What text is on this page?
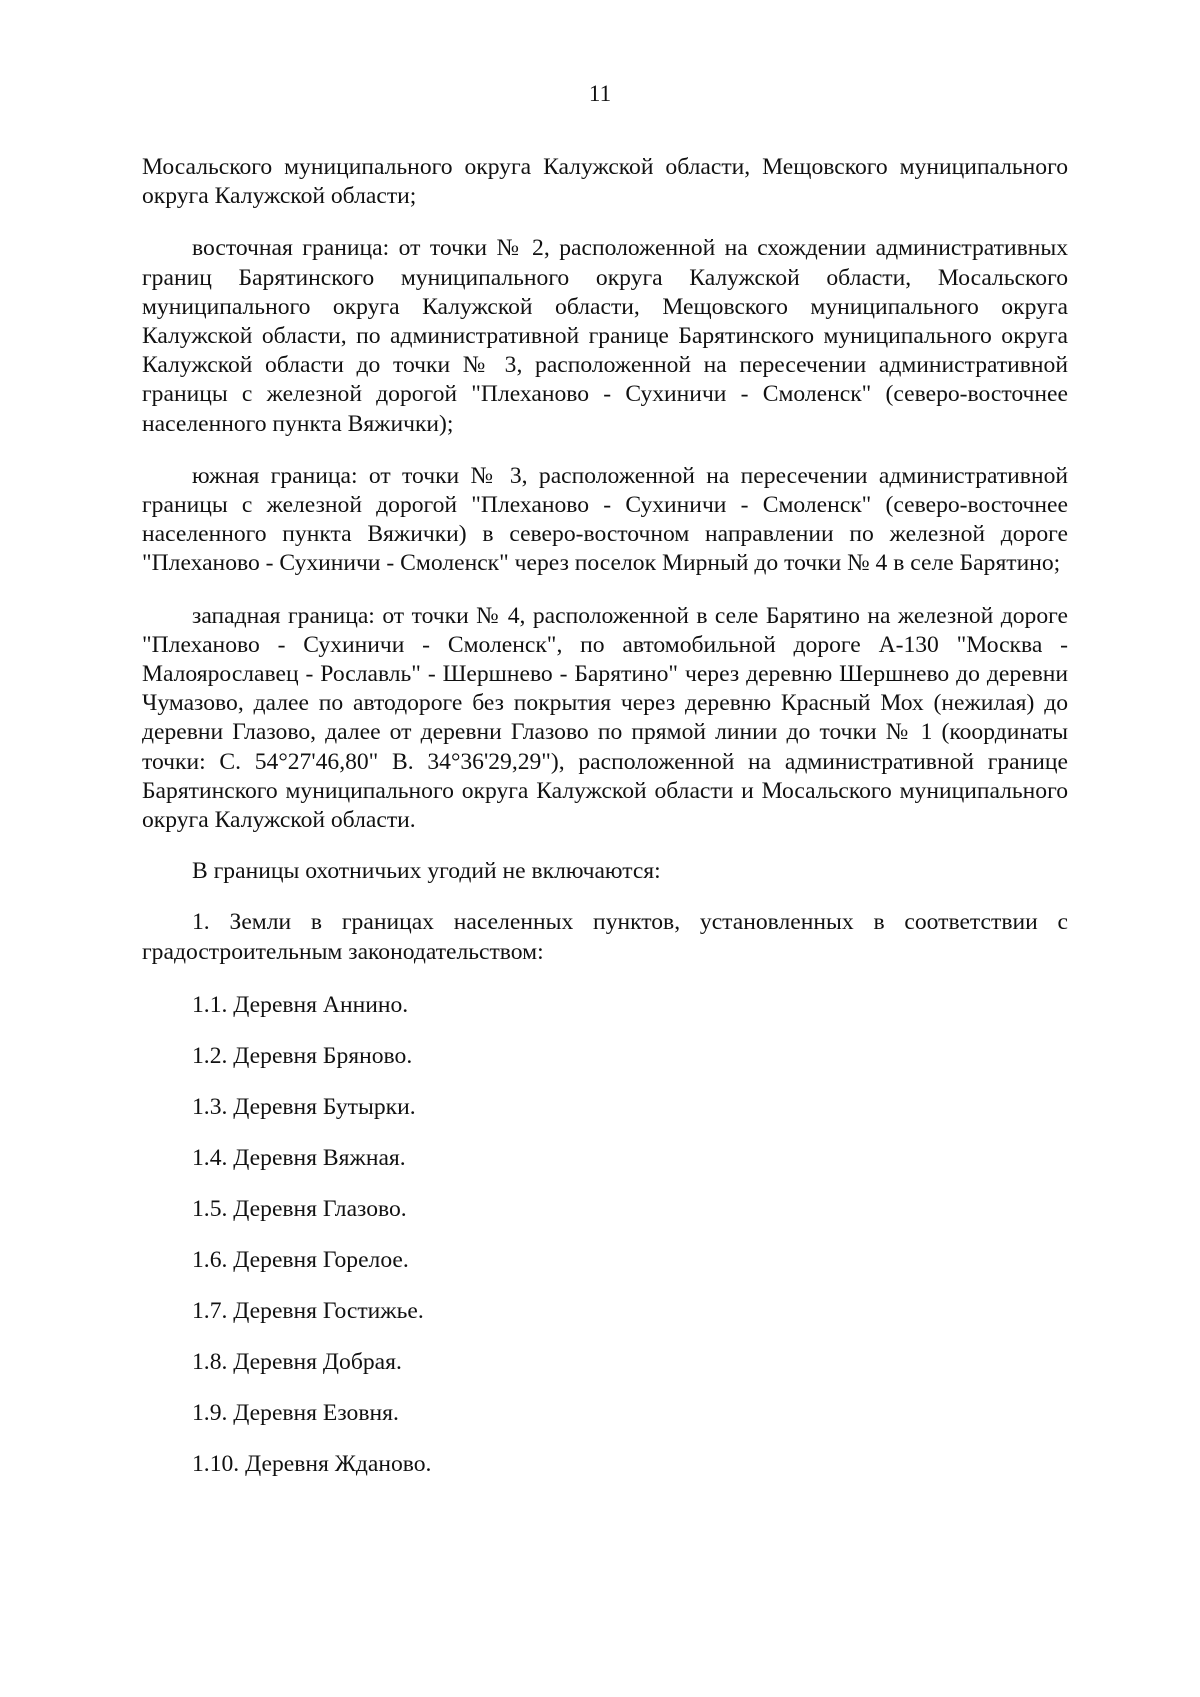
11

Мосальского муниципального округа Калужской области, Мещовского муниципального округа Калужской области;

восточная граница: от точки № 2, расположенной на схождении административных границ Барятинского муниципального округа Калужской области, Мосальского муниципального округа Калужской области, Мещовского муниципального округа Калужской области, по административной границе Барятинского муниципального округа Калужской области до точки № 3, расположенной на пересечении административной границы с железной дорогой "Плеханово - Сухиничи - Смоленск" (северо-восточнее населенного пункта Вяжички);

южная граница: от точки № 3, расположенной на пересечении административной границы с железной дорогой "Плеханово - Сухиничи - Смоленск" (северо-восточнее населенного пункта Вяжички) в северо-восточном направлении по железной дороге "Плеханово - Сухиничи - Смоленск" через поселок Мирный до точки № 4 в селе Барятино;

западная граница: от точки № 4, расположенной в селе Барятино на железной дороге "Плеханово - Сухиничи - Смоленск", по автомобильной дороге А-130 "Москва - Малоярославец - Рославль" - Шершнево - Барятино" через деревню Шершнево до деревни Чумазово, далее по автодороге без покрытия через деревню Красный Мох (нежилая) до деревни Глазово, далее от деревни Глазово по прямой линии до точки № 1 (координаты точки: С. 54°27'46,80" В. 34°36'29,29"), расположенной на административной границе Барятинского муниципального округа Калужской области и Мосальского муниципального округа Калужской области.

В границы охотничьих угодий не включаются:

1. Земли в границах населенных пунктов, установленных в соответствии с градостроительным законодательством:

1.1. Деревня Аннино.
1.2. Деревня Бряново.
1.3. Деревня Бутырки.
1.4. Деревня Вяжная.
1.5. Деревня Глазово.
1.6. Деревня Горелое.
1.7. Деревня Гостижье.
1.8. Деревня Добрая.
1.9. Деревня Езовня.
1.10. Деревня Жданово.
